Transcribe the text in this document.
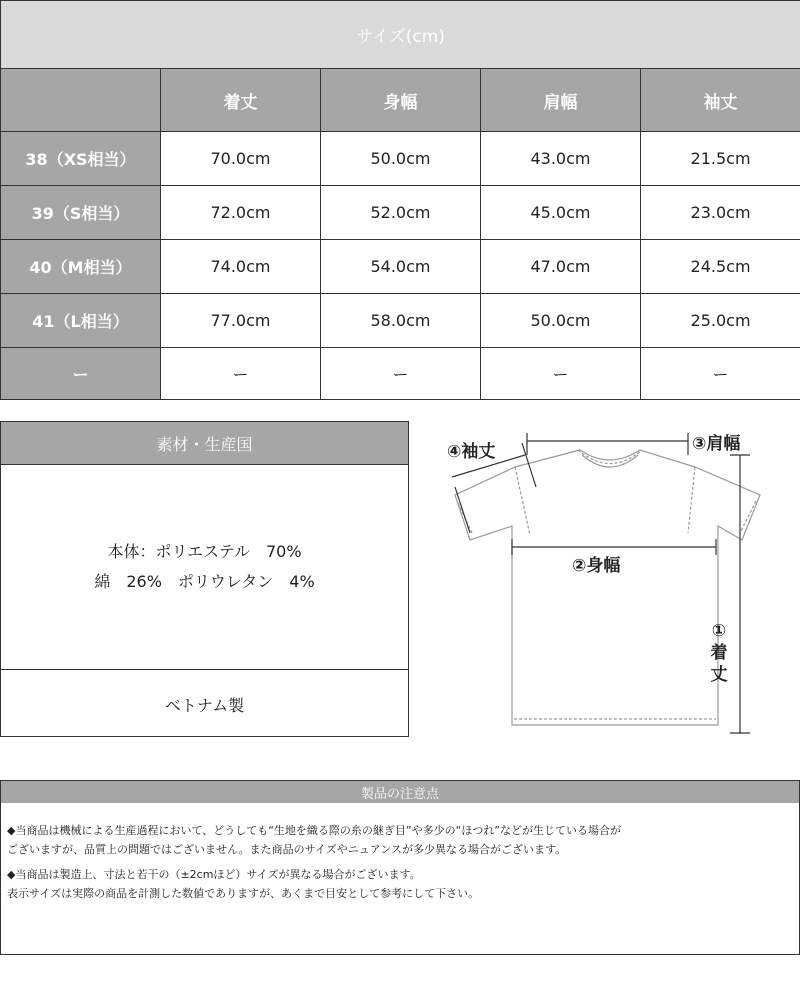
サイズ(cm)				
	着丈	身幅	肩幅	袖丈
38（XS相当）	70.0cm	50.0cm	43.0cm	21.5cm
39（S相当）	72.0cm	52.0cm	45.0cm	23.0cm
40（M相当）	74.0cm	54.0cm	47.0cm	24.5cm
41（L相当）	77.0cm	58.0cm	50.0cm	25.0cm
ー	ー	ー	ー	ー
素材・生産国
本体：ポリエステル　70%
綿　26%　ポリウレタン　4%
ベトナム製
④袖丈	③肩幅
②身幅
①着丈
製品の注意点

◆当商品は機械による生産過程において、どうしても“生地を織る際の糸の継ぎ目”や多少の“ほつれ”などが生じている場合が
ございますが、品質上の問題ではございません。また商品のサイズやニュアンスが多少異なる場合がございます。

◆当商品は製造上、寸法と若干の（±2cmほど）サイズが異なる場合がございます。
表示サイズは実際の商品を計測した数値でありますが、あくまで目安として参考にして下さい。
